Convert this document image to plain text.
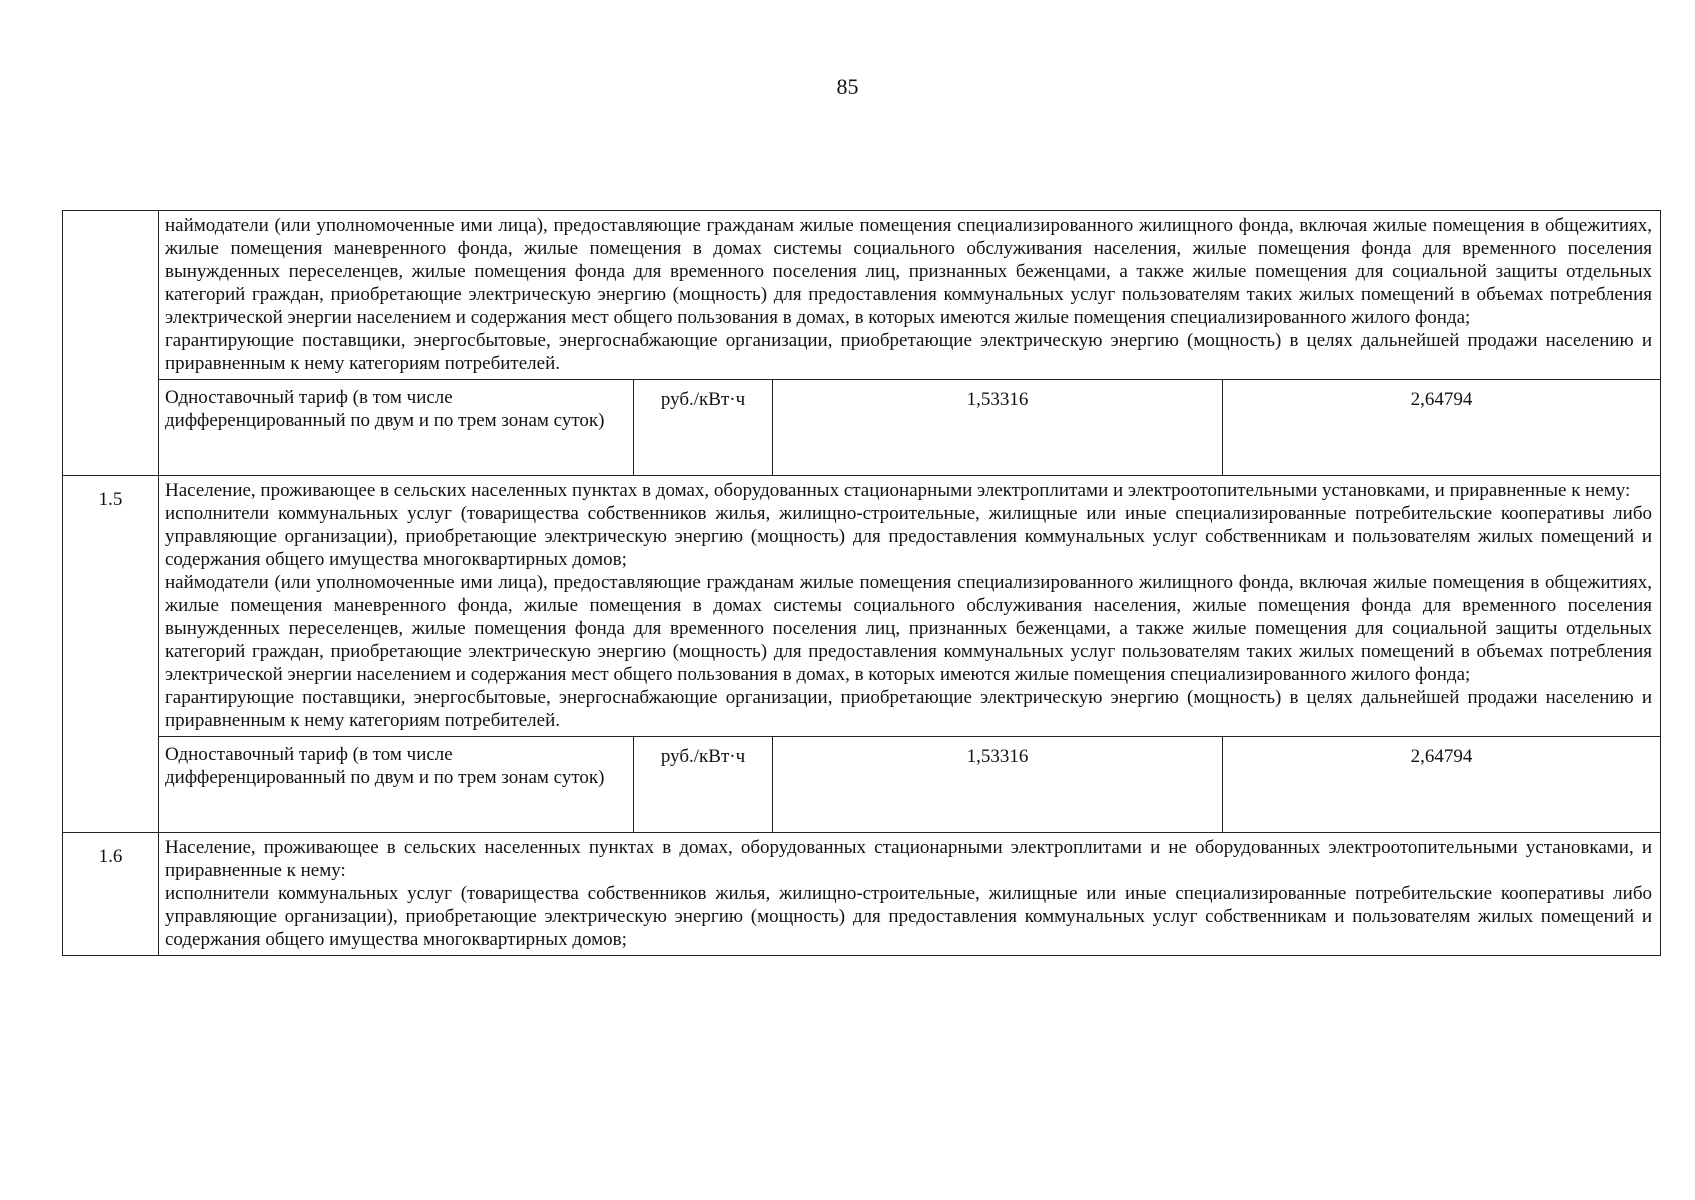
85

	наймодатели (или уполномоченные ими лица), предоставляющие гражданам жилые помещения специализированного жилищного фонда, включая жилые помещения в общежитиях, жилые помещения маневренного фонда, жилые помещения в домах системы социального обслуживания населения, жилые помещения фонда для временного поселения вынужденных переселенцев, жилые помещения фонда для временного поселения лиц, признанных беженцами, а также жилые помещения для социальной защиты отдельных категорий граждан, приобретающие электрическую энергию (мощность) для предоставления коммунальных услуг пользователям таких жилых помещений в объемах потребления электрической энергии населением и содержания мест общего пользования в домах, в которых имеются жилые помещения специализированного жилого фонда;

гарантирующие поставщики, энергосбытовые, энергоснабжающие организации, приобретающие электрическую энергию (мощность) в целях дальнейшей продажи населению и приравненным к нему категориям потребителей.			

	Одноставочный тариф (в том числе дифференцированный по двум и по трем зонам суток)	руб./кВт·ч	1,53316	2,64794
1.5	Население, проживающее в сельских населенных пунктах в домах, оборудованных стационарными электроплитами и электроотопительными установками, и приравненные к нему:

исполнители коммунальных услуг (товарищества собственников жилья, жилищно-строительные, жилищные или иные специализированные потребительские кооперативы либо управляющие организации), приобретающие электрическую энергию (мощность) для предоставления коммунальных услуг собственникам и пользователям жилых помещений и содержания общего имущества многоквартирных домов;

наймодатели (или уполномоченные ими лица), предоставляющие гражданам жилые помещения специализированного жилищного фонда, включая жилые помещения в общежитиях, жилые помещения маневренного фонда, жилые помещения в домах системы социального обслуживания населения, жилые помещения фонда для временного поселения вынужденных переселенцев, жилые помещения фонда для временного поселения лиц, признанных беженцами, а также жилые помещения для социальной защиты отдельных категорий граждан, приобретающие электрическую энергию (мощность) для предоставления коммунальных услуг пользователям таких жилых помещений в объемах потребления электрической энергии населением и содержания мест общего пользования в домах, в которых имеются жилые помещения специализированного жилого фонда;

гарантирующие поставщики, энергосбытовые, энергоснабжающие организации, приобретающие электрическую энергию (мощность) в целях дальнейшей продажи населению и приравненным к нему категориям потребителей.			

	Одноставочный тариф (в том числе дифференцированный по двум и по трем зонам суток)	руб./кВт·ч	1,53316	2,64794
1.6	Население, проживающее в сельских населенных пунктах в домах, оборудованных стационарными электроплитами и не оборудованных электроотопительными установками, и приравненные к нему:

исполнители коммунальных услуг (товарищества собственников жилья, жилищно-строительные, жилищные или иные специализированные потребительские кооперативы либо управляющие организации), приобретающие электрическую энергию (мощность) для предоставления коммунальных услуг собственникам и пользователям жилых помещений и содержания общего имущества многоквартирных домов;			
